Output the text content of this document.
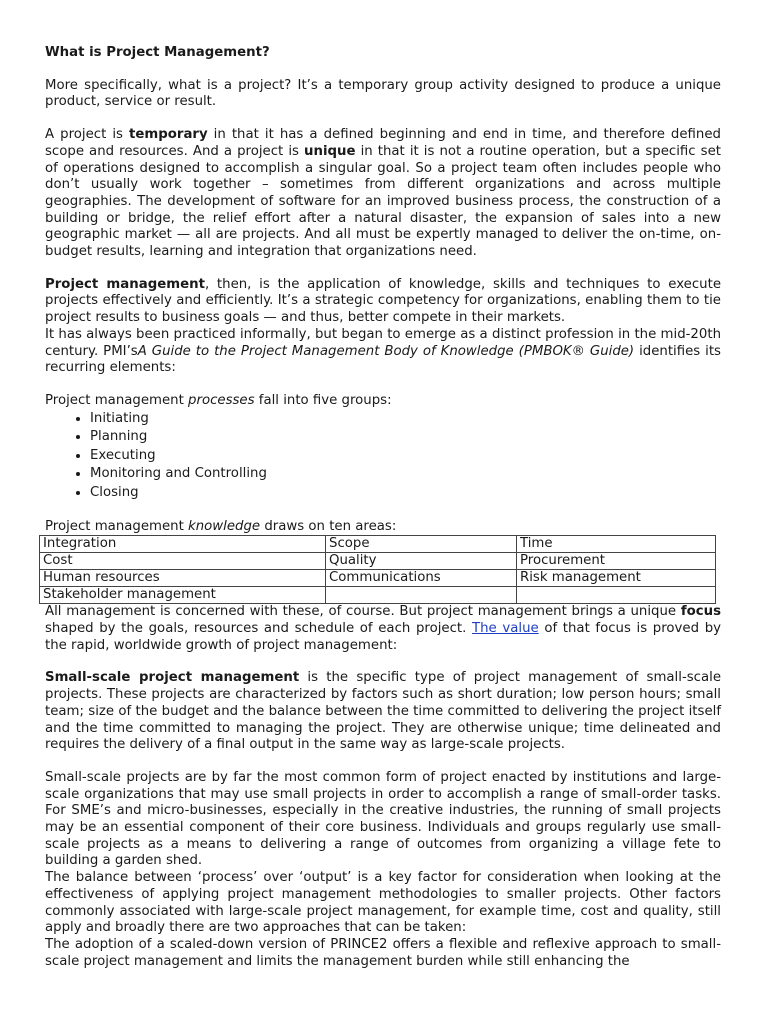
What is Project Management?

More specifically, what is a project? It’s a temporary group activity designed to produce a unique product, service or result.

A project is temporary in that it has a defined beginning and end in time, and therefore defined scope and resources. And a project is unique in that it is not a routine operation, but a specific set of operations designed to accomplish a singular goal. So a project team often includes people who don’t usually work together – sometimes from different organizations and across multiple geographies. The development of software for an improved business process, the construction of a building or bridge, the relief effort after a natural disaster, the expansion of sales into a new geographic market — all are projects. And all must be expertly managed to deliver the on-time, on-budget results, learning and integration that organizations need.

Project management, then, is the application of knowledge, skills and techniques to execute projects effectively and efficiently. It’s a strategic competency for organizations, enabling them to tie project results to business goals — and thus, better compete in their markets.

It has always been practiced informally, but began to emerge as a distinct profession in the mid-20th century. PMI’sA Guide to the Project Management Body of Knowledge (PMBOK® Guide) identifies its recurring elements:

Project management processes fall into five groups:

• Initiating
• Planning
• Executing
• Monitoring and Controlling
• Closing

Project management knowledge draws on ten areas:

Integration	Scope	Time
Cost	Quality	Procurement
Human resources	Communications	Risk management
Stakeholder management		

All management is concerned with these, of course. But project management brings a unique focus shaped by the goals, resources and schedule of each project. The value of that focus is proved by the rapid, worldwide growth of project management:

Small-scale project management is the specific type of project management of small-scale projects. These projects are characterized by factors such as short duration; low person hours; small team; size of the budget and the balance between the time committed to delivering the project itself and the time committed to managing the project. They are otherwise unique; time delineated and requires the delivery of a final output in the same way as large-scale projects.

Small-scale projects are by far the most common form of project enacted by institutions and large-scale organizations that may use small projects in order to accomplish a range of small-order tasks. For SME’s and micro-businesses, especially in the creative industries, the running of small projects may be an essential component of their core business. Individuals and groups regularly use small-scale projects as a means to delivering a range of outcomes from organizing a village fete to building a garden shed.

The balance between ‘process’ over ‘output’ is a key factor for consideration when looking at the effectiveness of applying project management methodologies to smaller projects. Other factors commonly associated with large-scale project management, for example time, cost and quality, still apply and broadly there are two approaches that can be taken:

The adoption of a scaled-down version of PRINCE2 offers a flexible and reflexive approach to small-scale project management and limits the management burden while still enhancing the
